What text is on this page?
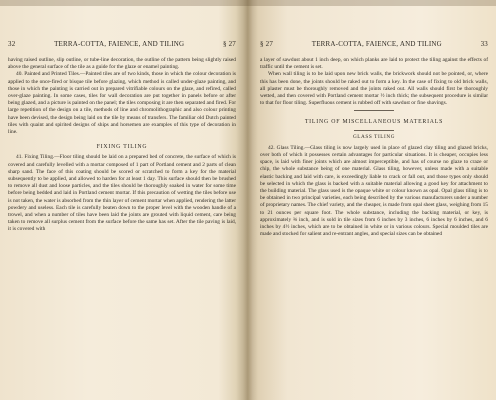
32	TERRA-COTTA, FAIENCE, AND TILING	§ 27

having raised outline, slip outline, or tube-line decoration, the outline of the pattern being slightly raised above the general surface of the tile as a guide for the glaze or enamel painting.

40. Painted and Printed Tiles.—Painted tiles are of two kinds, those in which the colour decoration is applied to the once-fired or bisque tile before glazing, which method is called under-glaze painting, and those in which the painting is carried out in prepared vitrifiable colours on the glaze, and refired, called over-glaze painting. In some cases, tiles for wall decoration are put together in panels before or after being glazed, and a picture is painted on the panel; the tiles composing it are then separated and fired. For large repetition of the design on a tile, methods of line and chromolithographic and also colour printing have been devised, the design being laid on the tile by means of transfers. The familiar old Dutch painted tiles with quaint and spirited designs of ships and horsemen are examples of this type of decoration in line.

FIXING TILING

41. Fixing Tiling.—Floor tiling should be laid on a prepared bed of concrete, the surface of which is covered and carefully levelled with a mortar composed of 1 part of Portland cement and 2 parts of clean sharp sand. The face of this coating should be scored or scratched to form a key for the material subsequently to be applied, and allowed to harden for at least 1 day. This surface should then be brushed to remove all dust and loose particles, and the tiles should be thoroughly soaked in water for some time before being bedded and laid in Portland cement mortar. If this precaution of wetting the tiles before use is not taken, the water is absorbed from the thin layer of cement mortar when applied, rendering the latter powdery and useless. Each tile is carefully beaten down to the proper level with the wooden handle of a trowel, and when a number of tiles have been laid the joints are grouted with liquid cement, care being taken to remove all surplus cement from the surface before the same has set. After the tile paving is laid, it is covered with

§ 27	TERRA-COTTA, FAIENCE, AND TILING	33

a layer of sawdust about 1 inch deep, on which planks are laid to protect the tiling against the effects of traffic until the cement is set.

When wall tiling is to be laid upon new brick walls, the brickwork should not be pointed, or, where this has been done, the joints should be raked out to form a key. In the case of fixing to old brick walls, all plaster must be thoroughly removed and the joints raked out. All walls should first be thoroughly wetted, and then covered with Portland cement mortar ½ inch thick; the subsequent procedure is similar to that for floor tiling. Superfluous cement is rubbed off with sawdust or fine shavings.

TILING OF MISCELLANEOUS MATERIALS
GLASS TILING

42. Glass Tiling.—Glass tiling is now largely used in place of glazed clay tiling and glazed bricks, over both of which it possesses certain advantages for particular situations. It is cheaper, occupies less space, is laid with finer joints which are almost imperceptible, and has of course no glaze to craze or chip, the whole substance being of one material. Glass tiling, however, unless made with a suitable elastic backing and laid with care, is exceedingly liable to crack or fall out, and those types only should be selected in which the glass is backed with a suitable material allowing a good key for attachment to the building material. The glass used is the opaque white or colour known as opal. Opal glass tiling is to be obtained in two principal varieties, each being described by the various manufacturers under a number of proprietary names. The chief variety, and the cheaper, is made from opal sheet glass, weighing from 15 to 21 ounces per square foot. The whole substance, including the backing material, or key, is approximately ⅜ inch, and is sold in tile sizes from 6 inches by 3 inches, 6 inches by 6 inches, and 6 inches by 4½ inches, which are to be obtained in white or in various colours. Special moulded tiles are made and stocked for salient and re-entrant angles, and special sizes can be obtained
